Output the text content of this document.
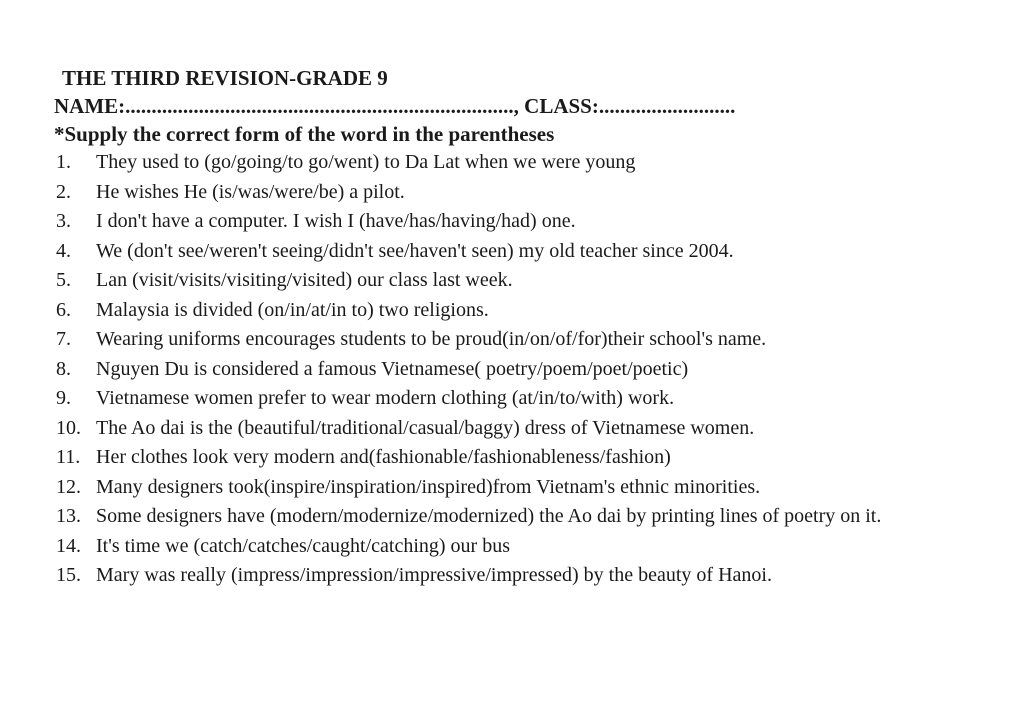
THE THIRD REVISION-GRADE 9
NAME:.........................................................................., CLASS:..........................
*Supply the correct form of the word in the parentheses
1.	They used to (go/going/to go/went) to Da Lat when we were young
2.	He wishes He (is/was/were/be) a pilot.
3.	I don't have a computer. I wish I (have/has/having/had) one.
4.	We (don't see/weren't seeing/didn't see/haven't seen) my old teacher since 2004.
5.	Lan (visit/visits/visiting/visited) our class last week.
6.	Malaysia is divided (on/in/at/in to) two religions.
7.	Wearing uniforms encourages students to be proud(in/on/of/for)their school's name.
8.	Nguyen Du is considered a famous Vietnamese( poetry/poem/poet/poetic)
9.	Vietnamese women prefer to wear modern clothing (at/in/to/with) work.
10. The Ao dai is the (beautiful/traditional/casual/baggy) dress of Vietnamese women.
11. Her clothes look very modern and(fashionable/fashionableness/fashion)
12. Many designers took(inspire/inspiration/inspired)from Vietnam's ethnic minorities.
13. Some designers have (modern/modernize/modernized) the Ao dai by printing lines of poetry on it.
14. It's time we (catch/catches/caught/catching) our bus
15. Mary was really (impress/impression/impressive/impressed) by the beauty of Hanoi.
